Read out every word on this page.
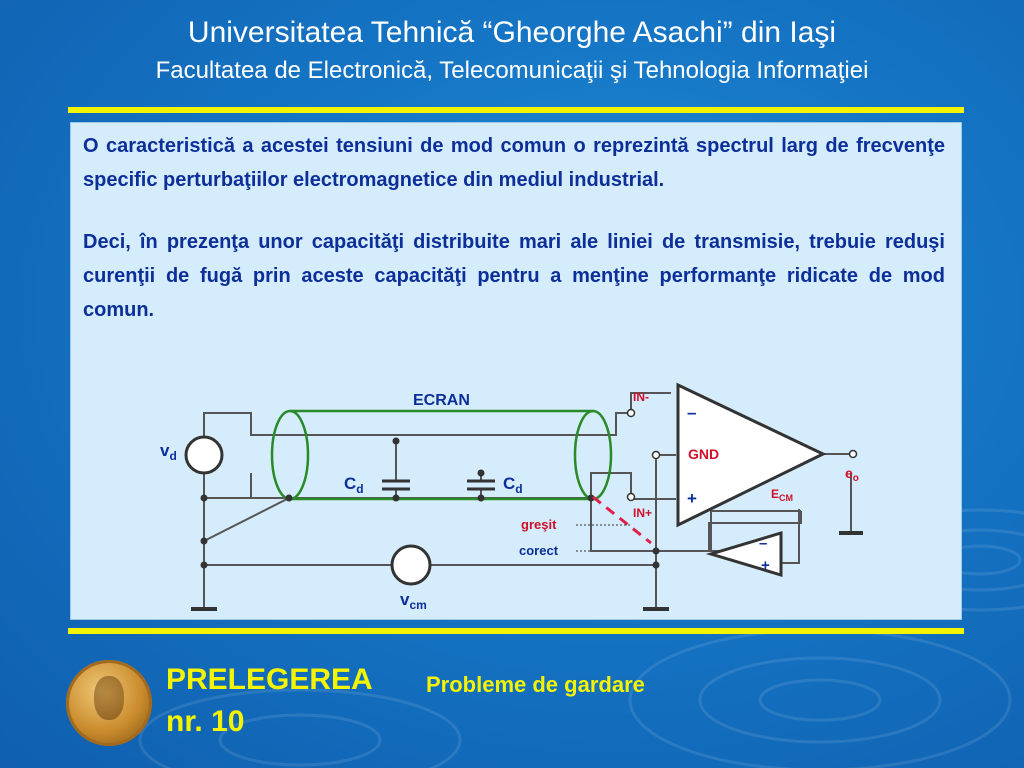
Universitatea Tehnică “Gheorghe Asachi” din Iaşi
Facultatea de Electronică, Telecomunicaţii şi Tehnologia Informaţiei

O caracteristică a acestei tensiuni de mod comun o reprezintă spectrul larg de frecvenţe specific perturbaţiilor electromagnetice din mediul industrial.

Deci, în prezenţa unor capacităţi distribuite mari ale liniei de transmisie, trebuie reduşi curenţii de fugă prin aceste capacităţi pentru a menţine performanţe ridicate de mod comun.

ECRAN
$v_d$
$v_{cm}$
$C_d$	$C_d$
IN-
IN+
–
+
GND
$E_{CM}$
$e_o$
–
+
greşit
corect
PRELEGEREA
nr. 10
Probleme de gardare
